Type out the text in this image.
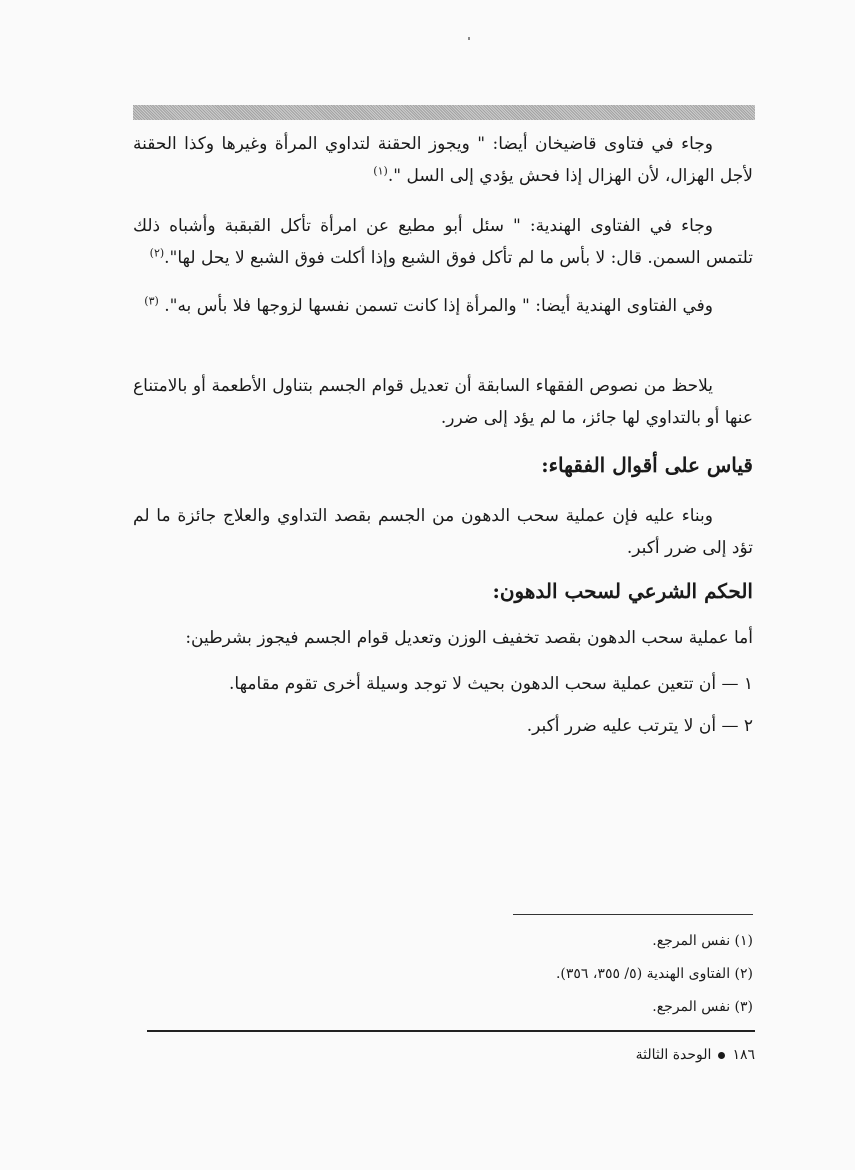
وجاء في فتاوى قاضيخان أيضا: " ويجوز الحقنة لتداوي المرأة وغيرها وكذا الحقنة لأجل الهزال، لأن الهزال إذا فحش يؤدي إلى السل ".$^{(١)}$

وجاء في الفتاوى الهندية: " سئل أبو مطيع عن امرأة تأكل القبقبة وأشباه ذلك تلتمس السمن. قال: لا بأس ما لم تأكل فوق الشبع وإذا أكلت فوق الشبع لا يحل لها".$^{(٢)}$

وفي الفتاوى الهندية أيضا: " والمرأة إذا كانت تسمن نفسها لزوجها فلا بأس به". $^{(٣)}$

يلاحظ من نصوص الفقهاء السابقة أن تعديل قوام الجسم بتناول الأطعمة أو بالامتناع عنها أو بالتداوي لها جائز، ما لم يؤد إلى ضرر.

قياس على أقوال الفقهاء:

وبناء عليه فإن عملية سحب الدهون من الجسم بقصد التداوي والعلاج جائزة ما لم تؤد إلى ضرر أكبر.

الحكم الشرعي لسحب الدهون:

أما عملية سحب الدهون بقصد تخفيف الوزن وتعديل قوام الجسم فيجوز بشرطين:

١ — أن تتعين عملية سحب الدهون بحيث لا توجد وسيلة أخرى تقوم مقامها.

٢ — أن لا يترتب عليه ضرر أكبر.

(١) نفس المرجع.

(٢) الفتاوى الهندية (٥/ ٣٥٥، ٣٥٦).

(٣) نفس المرجع.

١٨٦الوحدة الثالثة
